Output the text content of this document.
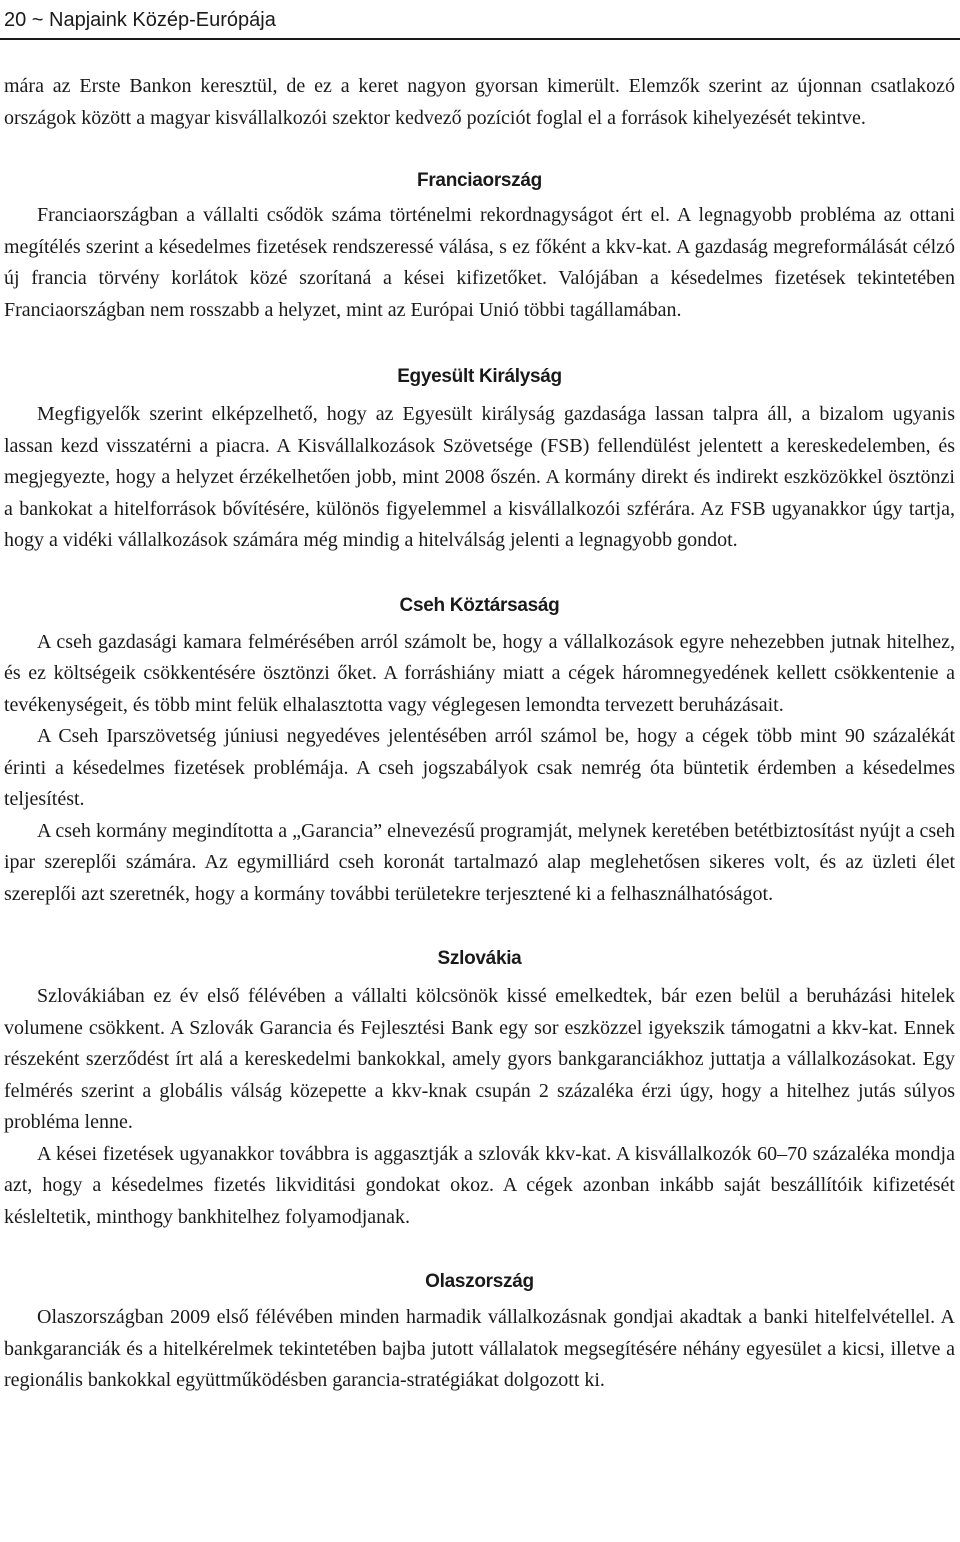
20 ~ Napjaink Közép-Európája

mára az Erste Bankon keresztül, de ez a keret nagyon gyorsan kimerült. Elemzők szerint az újonnan csatlakozó országok között a magyar kisvállalkozói szektor kedvező pozíciót foglal el a források kihelyezését tekintve.

Franciaország

Franciaországban a vállalti csődök száma történelmi rekordnagyságot ért el. A legnagyobb probléma az ottani megítélés szerint a késedelmes fizetések rendszeressé válása, s ez főként a kkv-kat. A gazdaság megreformálását célzó új francia törvény korlátok közé szorítaná a kései kifizetőket. Valójában a késedelmes fizetések tekintetében Franciaországban nem rosszabb a helyzet, mint az Európai Unió többi tagállamában.

Egyesült Királyság

Megfigyelők szerint elképzelhető, hogy az Egyesült királyság gazdasága lassan talpra áll, a bizalom ugyanis lassan kezd visszatérni a piacra. A Kisvállalkozások Szövetsége (FSB) fellendülést jelentett a kereskedelemben, és megjegyezte, hogy a helyzet érzékelhetően jobb, mint 2008 őszén. A kormány direkt és indirekt eszközökkel ösztönzi a bankokat a hitelforrások bővítésére, különös figyelemmel a kisvállalkozói szférára. Az FSB ugyanakkor úgy tartja, hogy a vidéki vállalkozások számára még mindig a hitelválság jelenti a legnagyobb gondot.

Cseh Köztársaság

A cseh gazdasági kamara felmérésében arról számolt be, hogy a vállalkozások egyre nehezebben jutnak hitelhez, és ez költségeik csökkentésére ösztönzi őket. A forráshiány miatt a cégek háromnegyedének kellett csökkentenie a tevékenységeit, és több mint felük elhalasztotta vagy véglegesen lemondta tervezett beruházásait.

A Cseh Iparszövetség júniusi negyedéves jelentésében arról számol be, hogy a cégek több mint 90 százalékát érinti a késedelmes fizetések problémája. A cseh jogszabályok csak nemrég óta büntetik érdemben a késedelmes teljesítést.

A cseh kormány megindította a „Garancia” elnevezésű programját, melynek keretében betétbiztosítást nyújt a cseh ipar szereplői számára. Az egymilliárd cseh koronát tartalmazó alap meglehetősen sikeres volt, és az üzleti élet szereplői azt szeretnék, hogy a kormány további területekre terjesztené ki a felhasználhatóságot.

Szlovákia

Szlovákiában ez év első félévében a vállalti kölcsönök kissé emelkedtek, bár ezen belül a beruházási hitelek volumene csökkent. A Szlovák Garancia és Fejlesztési Bank egy sor eszközzel igyekszik támogatni a kkv-kat. Ennek részeként szerződést írt alá a kereskedelmi bankokkal, amely gyors bankgaranciákhoz juttatja a vállalkozásokat. Egy felmérés szerint a globális válság közepette a kkv-knak csupán 2 százaléka érzi úgy, hogy a hitelhez jutás súlyos probléma lenne.

A kései fizetések ugyanakkor továbbra is aggasztják a szlovák kkv-kat. A kisvállalkozók 60–70 százaléka mondja azt, hogy a késedelmes fizetés likviditási gondokat okoz. A cégek azonban inkább saját beszállítóik kifizetését késleltetik, minthogy bankhitelhez folyamodjanak.

Olaszország

Olaszországban 2009 első félévében minden harmadik vállalkozásnak gondjai akadtak a banki hitelfelvétellel. A bankgaranciák és a hitelkérelmek tekintetében bajba jutott vállalatok megsegítésére néhány egyesület a kicsi, illetve a regionális bankokkal együttműködésben garancia-stratégiákat dolgozott ki.
